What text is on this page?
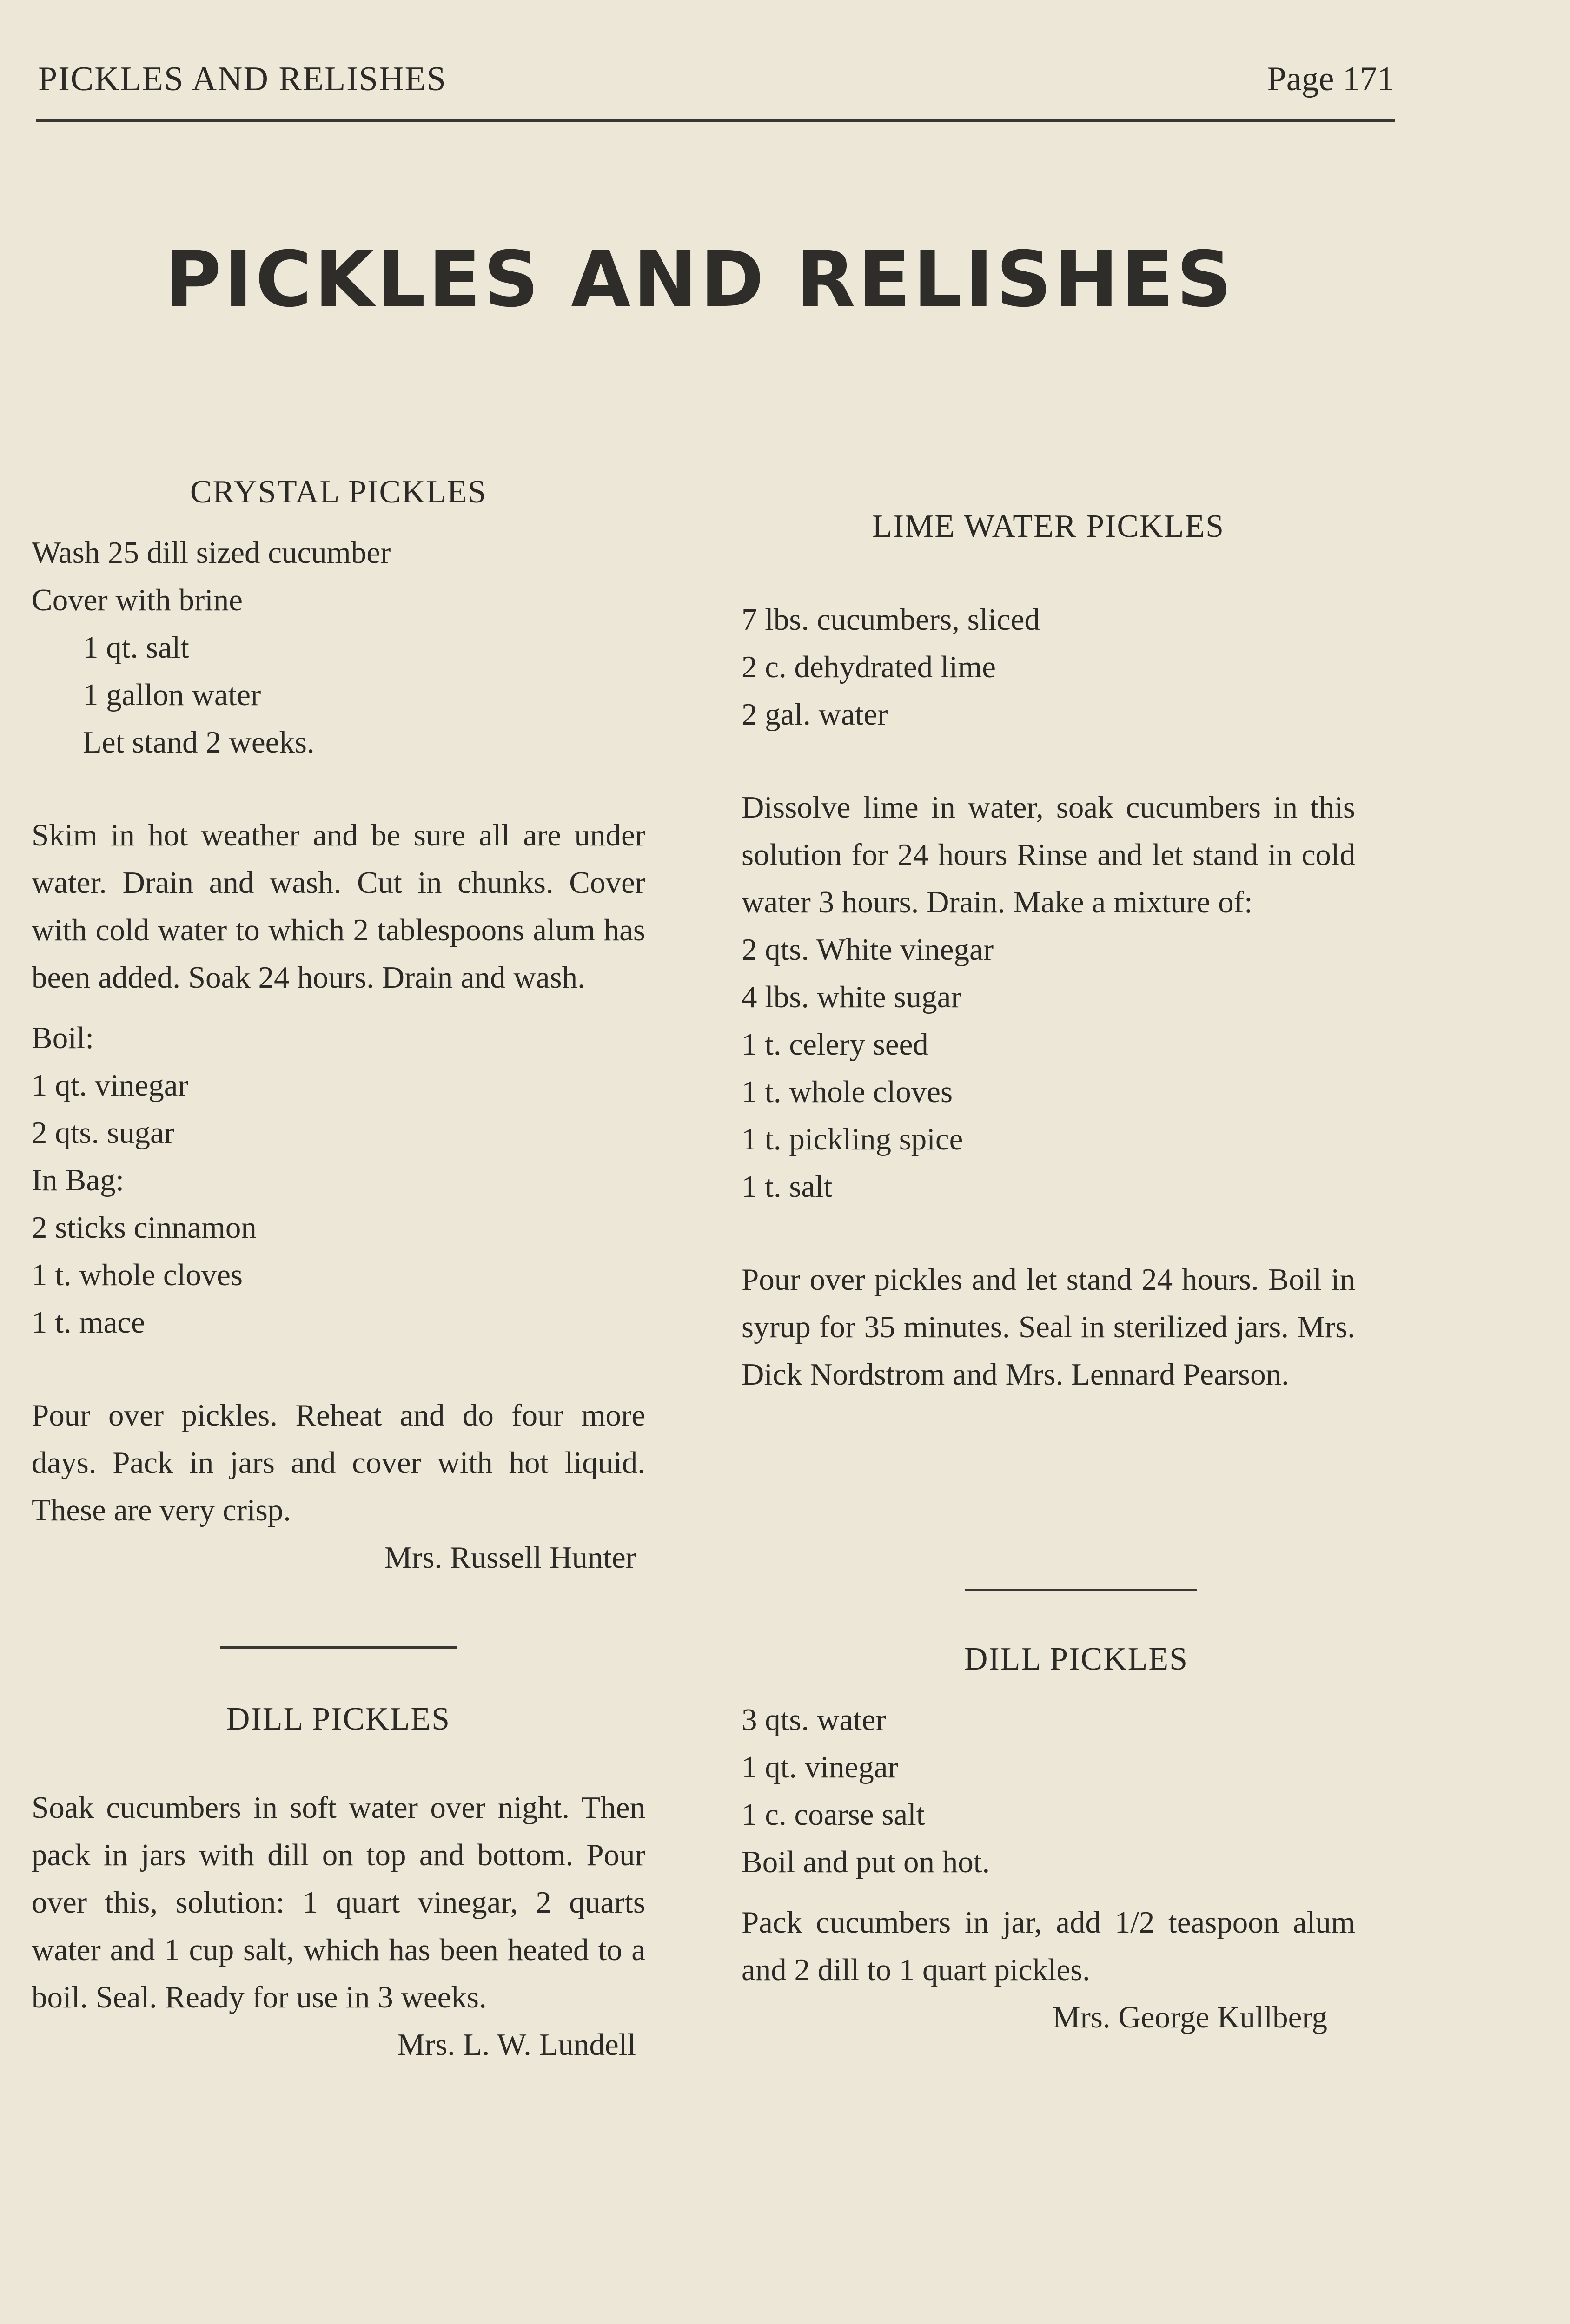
PICKLES AND RELISHES	Page 171
PICKLES AND RELISHES

CRYSTAL PICKLES

Wash 25 dill sized cucumber

Cover with brine

1 qt. salt

1 gallon water

Let stand 2 weeks.

Skim in hot weather and be sure all are under water. Drain and wash. Cut in chunks. Cover with cold water to which 2 tablespoons alum has been added. Soak 24 hours. Drain and wash.

Boil:

1 qt. vinegar

2 qts. sugar

In Bag:

2 sticks cinnamon

1 t. whole cloves

1 t. mace

Pour over pickles. Reheat and do four more days. Pack in jars and cover with hot liquid. These are very crisp.

Mrs. Russell Hunter

DILL PICKLES

Soak cucumbers in soft water over night. Then pack in jars with dill on top and bottom. Pour over this, solution: 1 quart vinegar, 2 quarts water and 1 cup salt, which has been heated to a boil. Seal. Ready for use in 3 weeks.

Mrs. L. W. Lundell

LIME WATER PICKLES

7 lbs. cucumbers, sliced

2 c. dehydrated lime

2 gal. water

Dissolve lime in water, soak cucumbers in this solution for 24 hours Rinse and let stand in cold water 3 hours. Drain. Make a mixture of:

2 qts. White vinegar

4 lbs. white sugar

1 t. celery seed

1 t. whole cloves

1 t. pickling spice

1 t. salt

Pour over pickles and let stand 24 hours. Boil in syrup for 35 minutes. Seal in sterilized jars. Mrs. Dick Nordstrom and Mrs. Lennard Pearson.

DILL PICKLES

3 qts. water

1 qt. vinegar

1 c. coarse salt

Boil and put on hot.

Pack cucumbers in jar, add 1/2 teaspoon alum and 2 dill to 1 quart pickles.

Mrs. George Kullberg
